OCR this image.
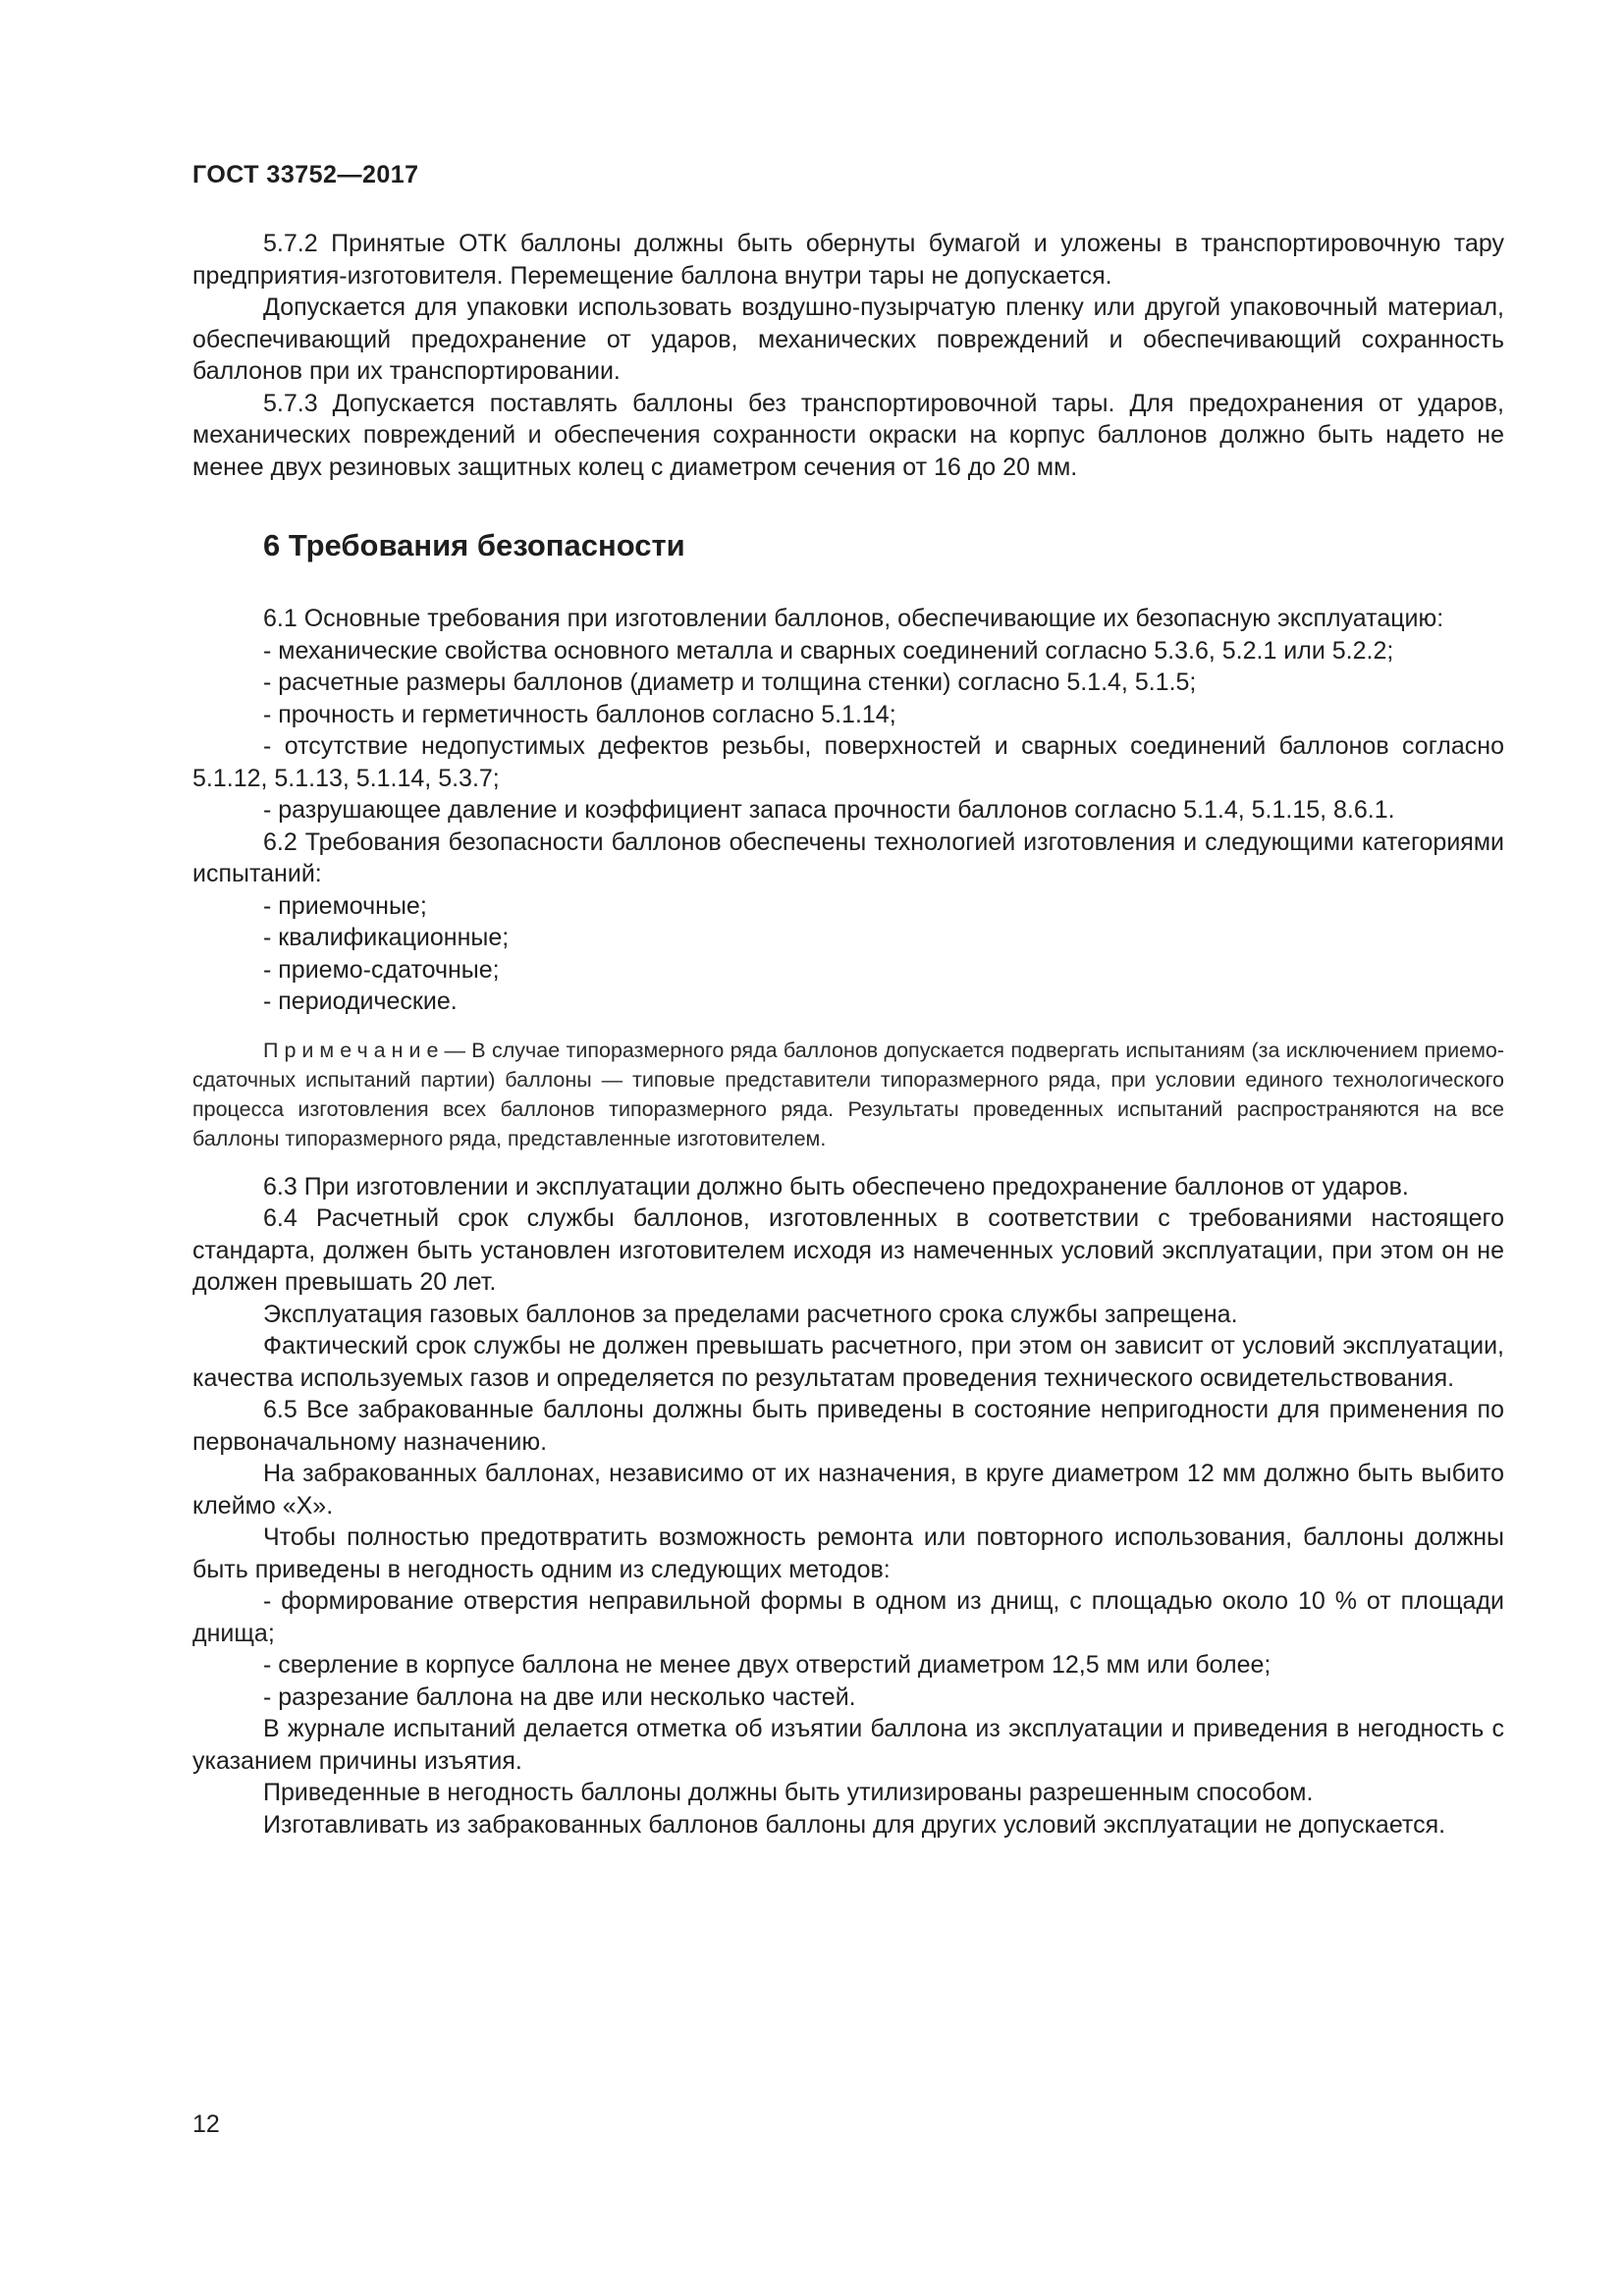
ГОСТ 33752—2017

5.7.2 Принятые ОТК баллоны должны быть обернуты бумагой и уложены в транспортировочную тару предприятия-изготовителя. Перемещение баллона внутри тары не допускается.

Допускается для упаковки использовать воздушно-пузырчатую пленку или другой упаковочный материал, обеспечивающий предохранение от ударов, механических повреждений и обеспечивающий сохранность баллонов при их транспортировании.

5.7.3 Допускается поставлять баллоны без транспортировочной тары. Для предохранения от ударов, механических повреждений и обеспечения сохранности окраски на корпус баллонов должно быть надето не менее двух резиновых защитных колец с диаметром сечения от 16 до 20 мм.

6 Требования безопасности

6.1 Основные требования при изготовлении баллонов, обеспечивающие их безопасную эксплуатацию:

- механические свойства основного металла и сварных соединений согласно 5.3.6, 5.2.1 или 5.2.2;

- расчетные размеры баллонов (диаметр и толщина стенки) согласно 5.1.4, 5.1.5;

- прочность и герметичность баллонов согласно 5.1.14;

- отсутствие недопустимых дефектов резьбы, поверхностей и сварных соединений баллонов согласно 5.1.12, 5.1.13, 5.1.14, 5.3.7;

- разрушающее давление и коэффициент запаса прочности баллонов согласно 5.1.4, 5.1.15, 8.6.1.

6.2 Требования безопасности баллонов обеспечены технологией изготовления и следующими категориями испытаний:

- приемочные;

- квалификационные;

- приемо-сдаточные;

- периодические.

Примечание— В случае типоразмерного ряда баллонов допускается подвергать испытаниям (за исключением приемо-сдаточных испытаний партии) баллоны — типовые представители типоразмерного ряда, при условии единого технологического процесса изготовления всех баллонов типоразмерного ряда. Результаты проведенных испытаний распространяются на все баллоны типоразмерного ряда, представленные изготовителем.

6.3 При изготовлении и эксплуатации должно быть обеспечено предохранение баллонов от ударов.

6.4 Расчетный срок службы баллонов, изготовленных в соответствии с требованиями настоящего стандарта, должен быть установлен изготовителем исходя из намеченных условий эксплуатации, при этом он не должен превышать 20 лет.

Эксплуатация газовых баллонов за пределами расчетного срока службы запрещена.

Фактический срок службы не должен превышать расчетного, при этом он зависит от условий эксплуатации, качества используемых газов и определяется по результатам проведения технического освидетельствования.

6.5 Все забракованные баллоны должны быть приведены в состояние непригодности для применения по первоначальному назначению.

На забракованных баллонах, независимо от их назначения, в круге диаметром 12 мм должно быть выбито клеймо «Х».

Чтобы полностью предотвратить возможность ремонта или повторного использования, баллоны должны быть приведены в негодность одним из следующих методов:

- формирование отверстия неправильной формы в одном из днищ, с площадью около 10 % от площади днища;

- сверление в корпусе баллона не менее двух отверстий диаметром 12,5 мм или более;

- разрезание баллона на две или несколько частей.

В журнале испытаний делается отметка об изъятии баллона из эксплуатации и приведения в негодность с указанием причины изъятия.

Приведенные в негодность баллоны должны быть утилизированы разрешенным способом.

Изготавливать из забракованных баллонов баллоны для других условий эксплуатации не допускается.

12
